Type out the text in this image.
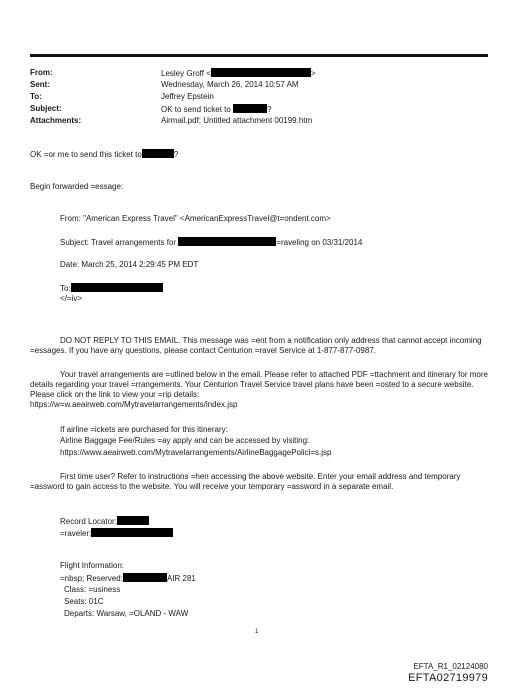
From:	Lesley Groff <	>
Sent:	Wednesday, March 26, 2014 10:57 AM
To:	Jeffrey Epstein
Subject:	OK to send ticket to	?
Attachments:	Airmail.pdf; Untitled attachment 00199.htm
OK =or me to send this ticket to	?
Begin forwarded =essage:
From: "American Express Travel" <AmericanExpressTravel@t=ondent.com>
Subject: Travel arrangements for	=raveling on 03/31/2014
Date: March 25, 2014 2:29:45 PM EDT
To:
</=iv>
DO NOT REPLY TO THIS EMAIL. This message was =ent from a notification only address that cannot accept incoming =essages. If you have any questions, please contact Centurion =ravel Service at 1-877-877-0987.
Your travel arrangements are =utlined below in the email. Please refer to attached PDF =ttachment and itinerary for more details regarding your travel =rrangements. Your Centurion Travel Service travel plans have been =osted to a secure website. Please click on the link to view your =rip details:
https://w=w.aeairweb.com/Mytravelarrangements/index.jsp
If airline =ickets are purchased for this itinerary:
Airline Baggage Fee/Rules =ay apply and can be accessed by visiting:
https://www.aeairweb.com/Mytravelarrangements/AirlineBaggagePolici=s.jsp
First time user? Refer to instructions =hen accessing the above website. Enter your email address and temporary =assword to gain access to the website. You will receive your temporary =assword in a separate email.
Record Locator:
=raveler:
Flight Information:
=nbsp; Reserved:	AIR 281
Class: =usiness
Seats: 01C
Departs: Warsaw, =OLAND - WAW
1
EFTA_R1_02124080
EFTA02719979
